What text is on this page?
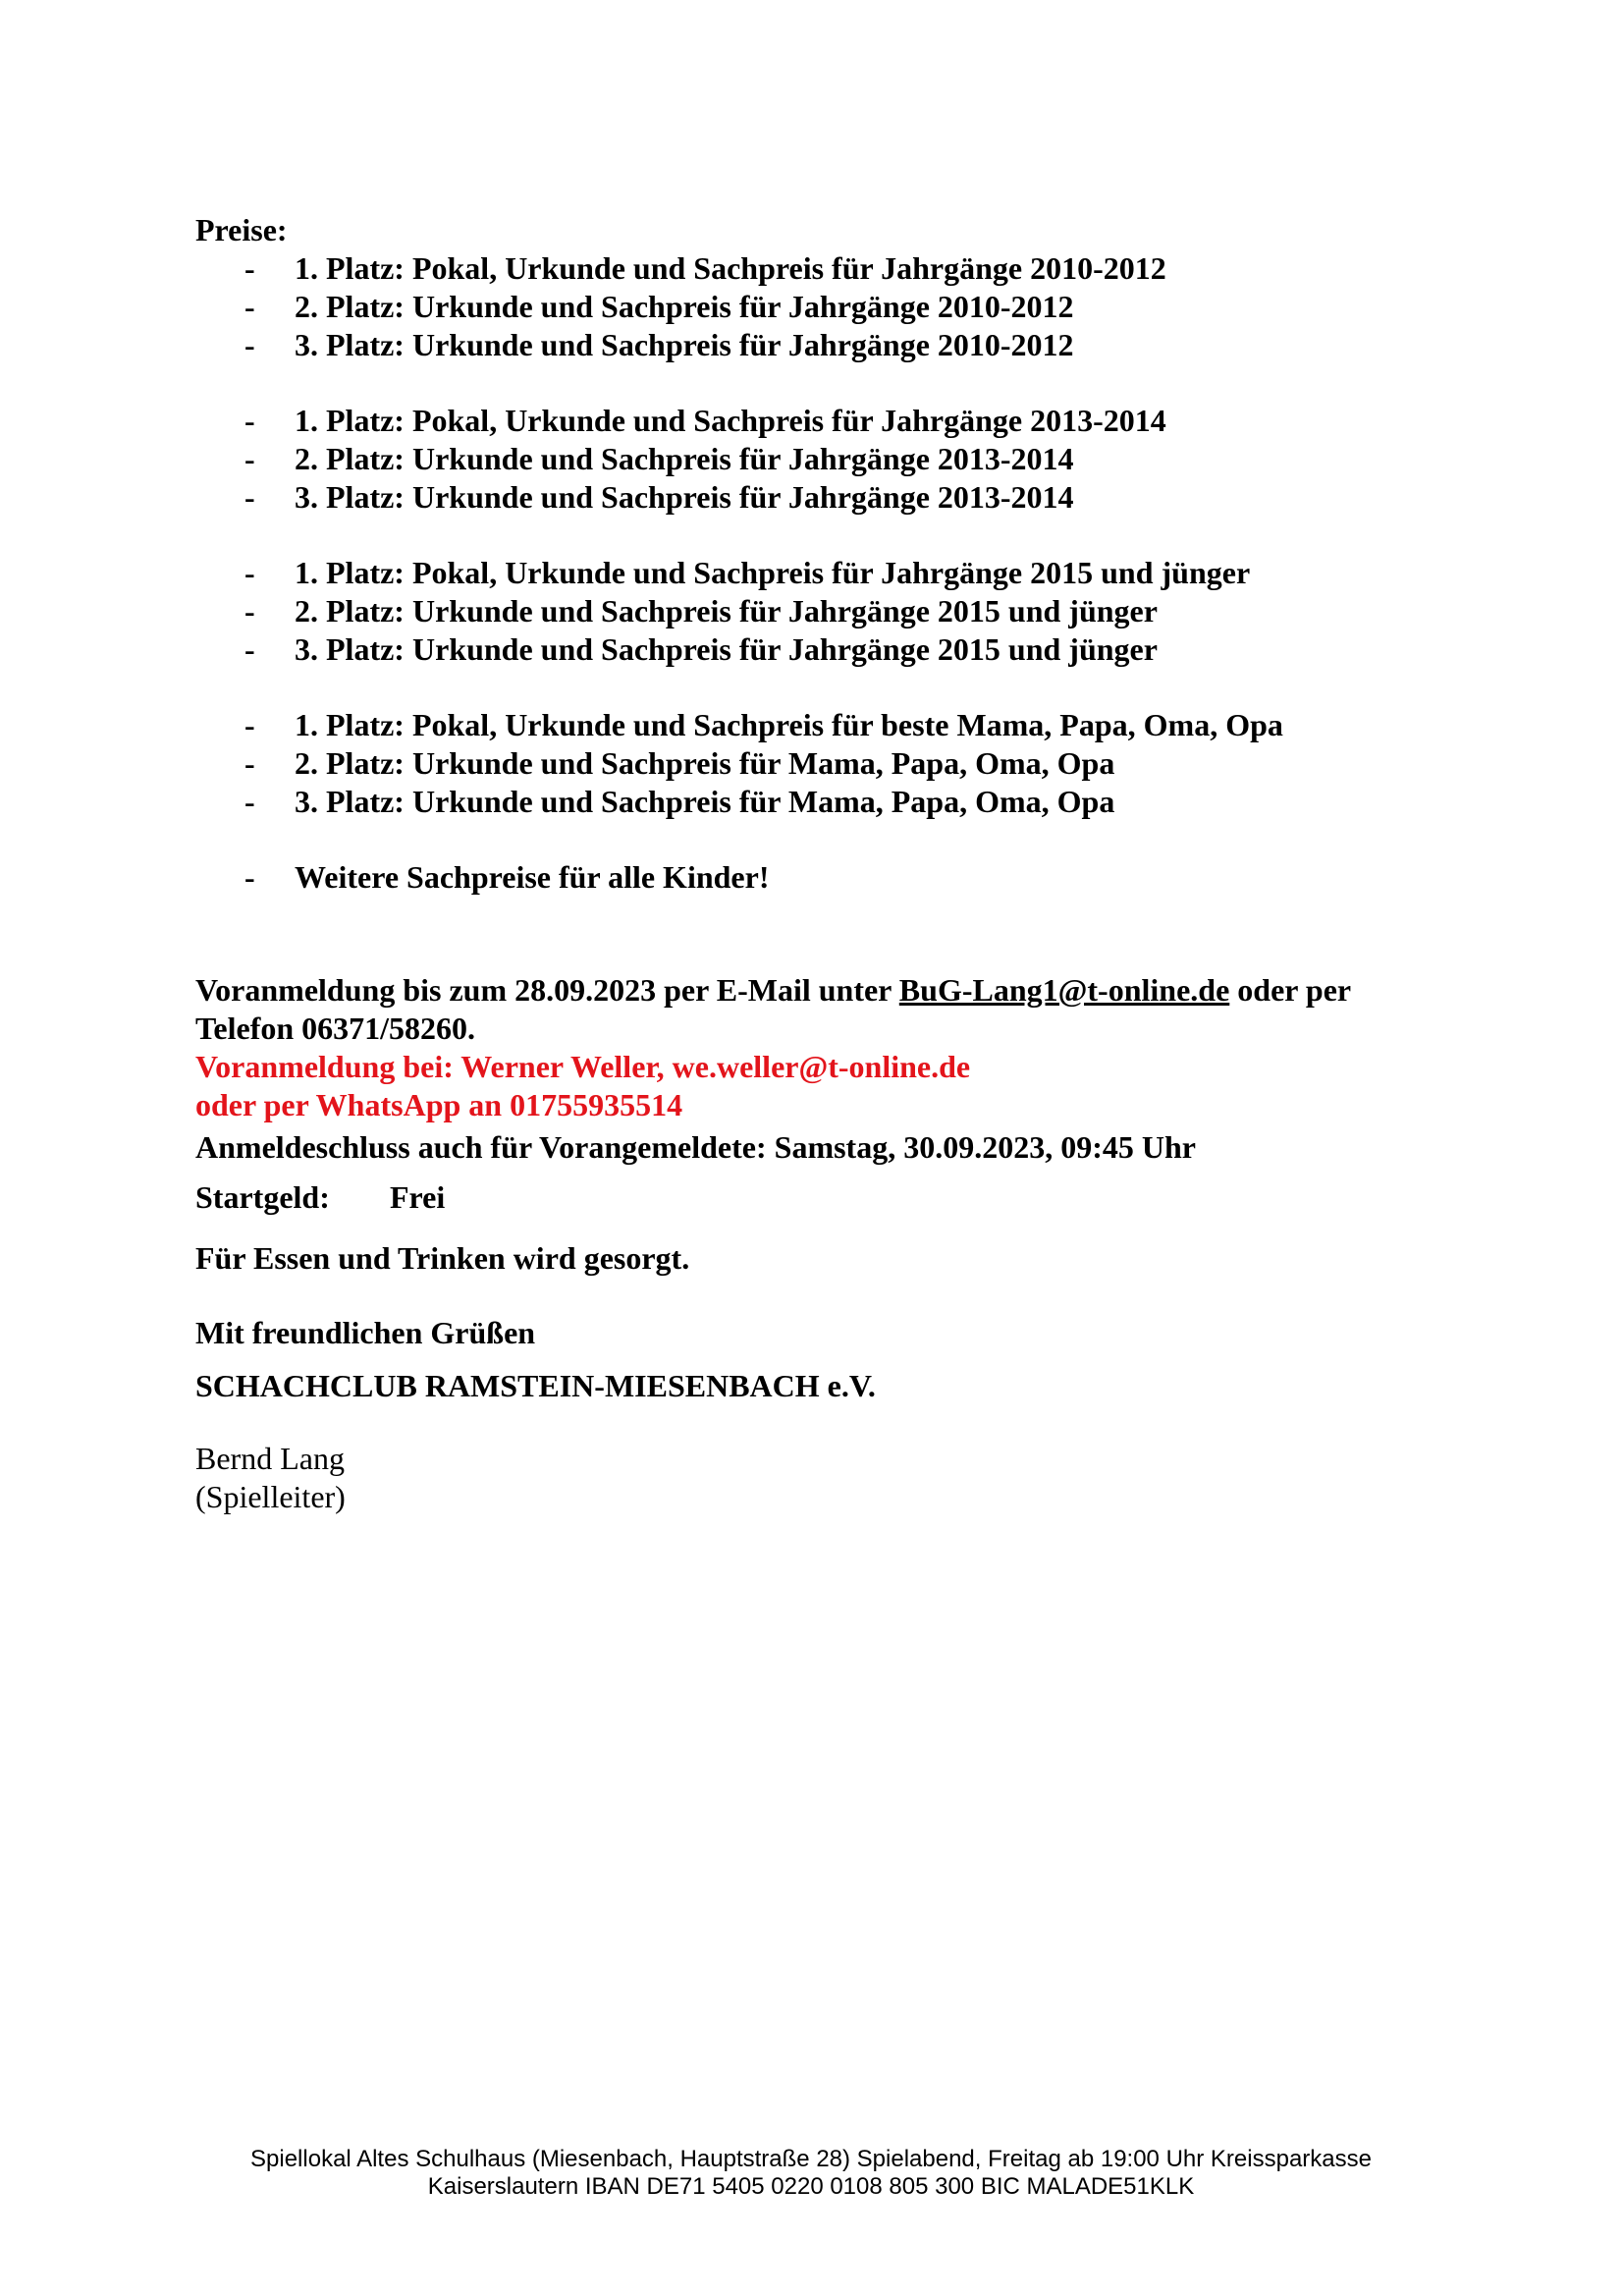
Preise:
-	1. Platz: Pokal, Urkunde und Sachpreis für Jahrgänge 2010-2012
-	2. Platz: Urkunde und Sachpreis für Jahrgänge 2010-2012
-	3. Platz: Urkunde und Sachpreis für Jahrgänge 2010-2012
-	1. Platz: Pokal, Urkunde und Sachpreis für Jahrgänge 2013-2014
-	2. Platz: Urkunde und Sachpreis für Jahrgänge 2013-2014
-	3. Platz: Urkunde und Sachpreis für Jahrgänge 2013-2014
-	1. Platz: Pokal, Urkunde und Sachpreis für Jahrgänge 2015 und jünger
-	2. Platz: Urkunde und Sachpreis für Jahrgänge 2015 und jünger
-	3. Platz: Urkunde und Sachpreis für Jahrgänge 2015 und jünger
-	1. Platz: Pokal, Urkunde und Sachpreis für beste Mama, Papa, Oma, Opa
-	2. Platz: Urkunde und Sachpreis für Mama, Papa, Oma, Opa
-	3. Platz: Urkunde und Sachpreis für Mama, Papa, Oma, Opa
-	Weitere Sachpreise für alle Kinder!
Voranmeldung bis zum 28.09.2023 per E-Mail unter BuG-Lang1@t-online.de oder per
Telefon 06371/58260.
Voranmeldung bei: Werner Weller, we.weller@t-online.de
oder per WhatsApp an 01755935514
Anmeldeschluss auch für Vorangemeldete: Samstag, 30.09.2023, 09:45 Uhr
Startgeld:	Frei
Für Essen und Trinken wird gesorgt.
Mit freundlichen Grüßen
SCHACHCLUB RAMSTEIN-MIESENBACH e.V.
Bernd Lang
(Spielleiter)
Spiellokal Altes Schulhaus (Miesenbach, Hauptstraße 28) Spielabend, Freitag ab 19:00 Uhr Kreissparkasse
Kaiserslautern IBAN DE71 5405 0220 0108 805 300 BIC MALADE51KLK
